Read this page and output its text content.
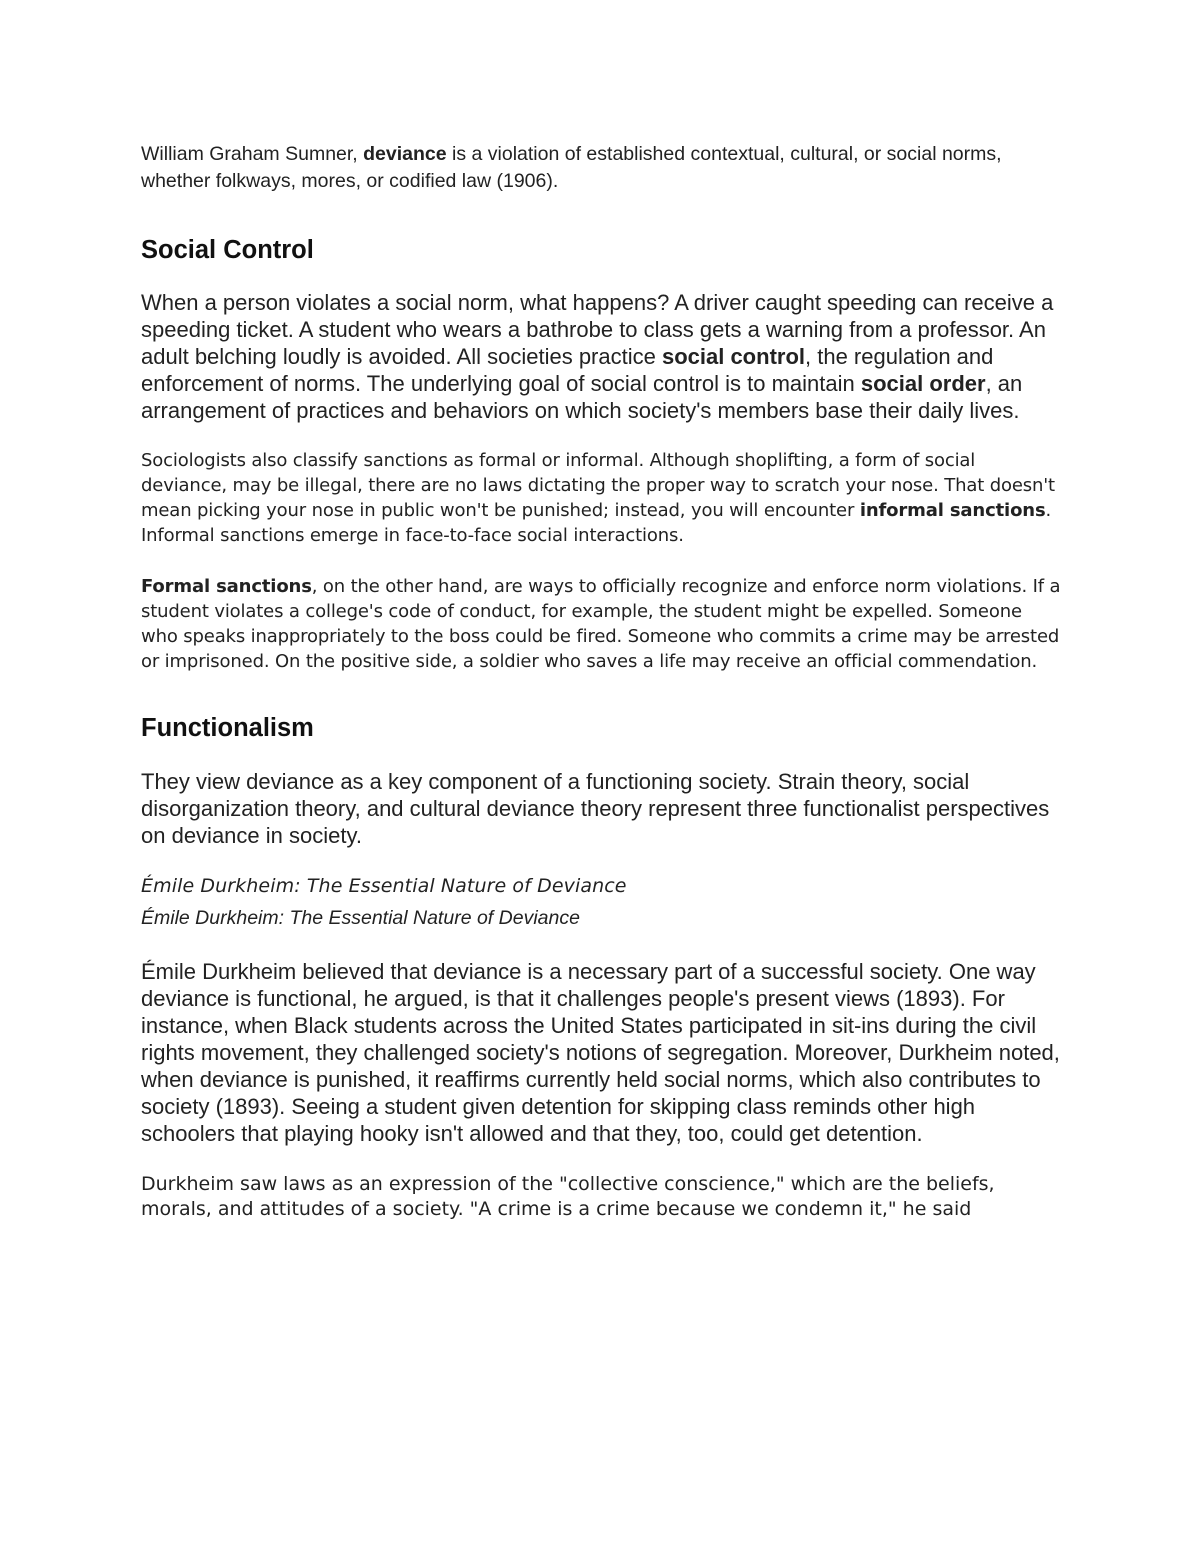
William Graham Sumner, deviance is a violation of established contextual, cultural, or social norms, whether folkways, mores, or codified law (1906).

Social Control

When a person violates a social norm, what happens? A driver caught speeding can receive a speeding ticket. A student who wears a bathrobe to class gets a warning from a professor. An adult belching loudly is avoided. All societies practice social control, the regulation and enforcement of norms. The underlying goal of social control is to maintain social order, an arrangement of practices and behaviors on which society's members base their daily lives.

Sociologists also classify sanctions as formal or informal. Although shoplifting, a form of social deviance, may be illegal, there are no laws dictating the proper way to scratch your nose. That doesn't mean picking your nose in public won't be punished; instead, you will encounter informal sanctions. Informal sanctions emerge in face-to-face social interactions.

Formal sanctions, on the other hand, are ways to officially recognize and enforce norm violations. If a student violates a college's code of conduct, for example, the student might be expelled. Someone who speaks inappropriately to the boss could be fired. Someone who commits a crime may be arrested or imprisoned. On the positive side, a soldier who saves a life may receive an official commendation.

Functionalism

They view deviance as a key component of a functioning society. Strain theory, social disorganization theory, and cultural deviance theory represent three functionalist perspectives on deviance in society.

Émile Durkheim: The Essential Nature of Deviance

Émile Durkheim: The Essential Nature of Deviance

Émile Durkheim believed that deviance is a necessary part of a successful society. One way deviance is functional, he argued, is that it challenges people's present views (1893). For instance, when Black students across the United States participated in sit-ins during the civil rights movement, they challenged society's notions of segregation. Moreover, Durkheim noted, when deviance is punished, it reaffirms currently held social norms, which also contributes to society (1893). Seeing a student given detention for skipping class reminds other high schoolers that playing hooky isn't allowed and that they, too, could get detention.

Durkheim saw laws as an expression of the "collective conscience," which are the beliefs, morals, and attitudes of a society. "A crime is a crime because we condemn it," he said
